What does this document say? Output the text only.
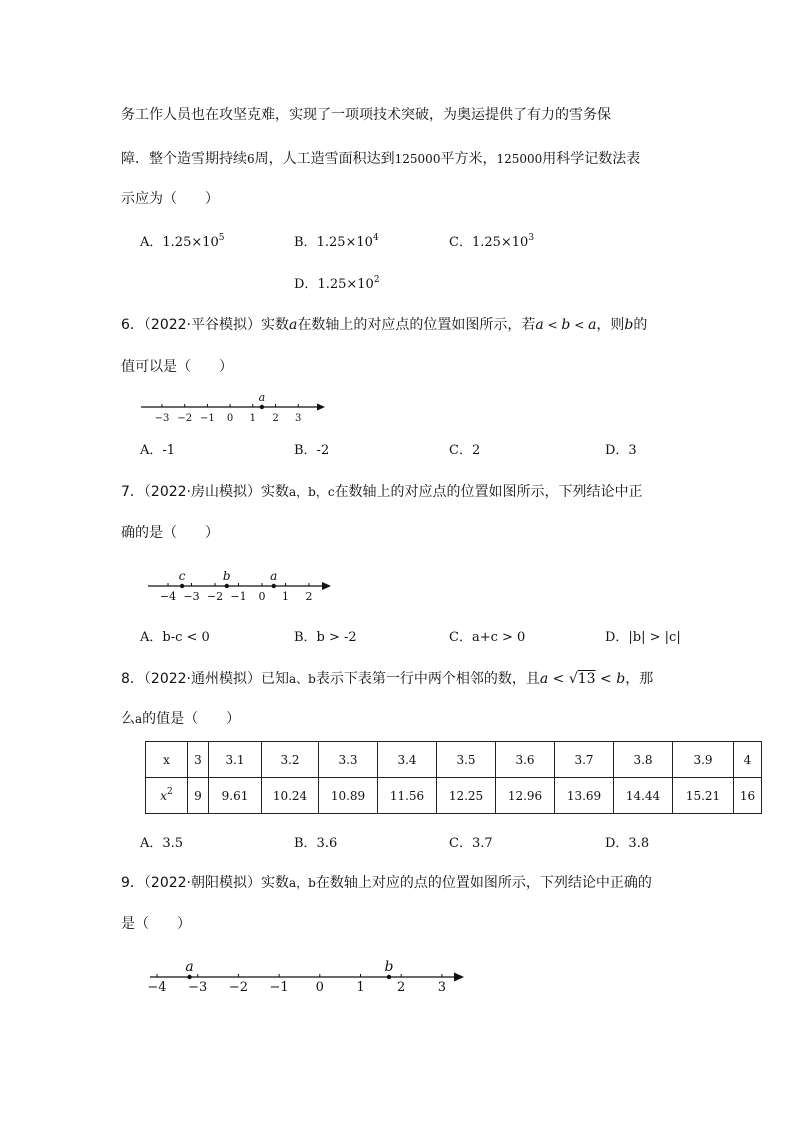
务工作人员也在攻坚克难，实现了一项项技术突破，为奥运提供了有力的雪务保
障．整个造雪期持续6周，人工造雪面积达到125000平方米，125000用科学记数法表
示应为（　　）
A．$1.25\times 10^5$	B．$1.25\times 10^4$	C．$1.25\times 10^3$
D．$1.25\times 10^2$
6．（2022·平谷模拟）实数a在数轴上的对应点的位置如图所示，若a < b < a，则b的
值可以是（　　）
−3 −2 −1 0 1 2 3
a
A．-1	B．-2	C．2	D．3
7．（2022·房山模拟）实数a，b，c在数轴上的对应点的位置如图所示，下列结论中正
确的是（　　）
−4 −3 −2 −1 0 1 2
c	b	a
A．b-c < 0	B．b > -2	C．a+c > 0	D．|b| > |c|
8．（2022·通州模拟）已知a、b表示下表第一行中两个相邻的数，且a < √13 < b，那
么a的值是（　　）
x	3	3.1	3.2	3.3	3.4	3.5	3.6	3.7	3.8	3.9	4
$x^2$	9	9.61	10.24	10.89	11.56	12.25	12.96	13.69	14.44	15.21	16
A．3.5	B．3.6	C．3.7	D．3.8
9．（2022·朝阳模拟）实数a，b在数轴上对应的点的位置如图所示，下列结论中正确的
是（　　）
−4 −3 −2 −1 0 1 2 3
a	b
